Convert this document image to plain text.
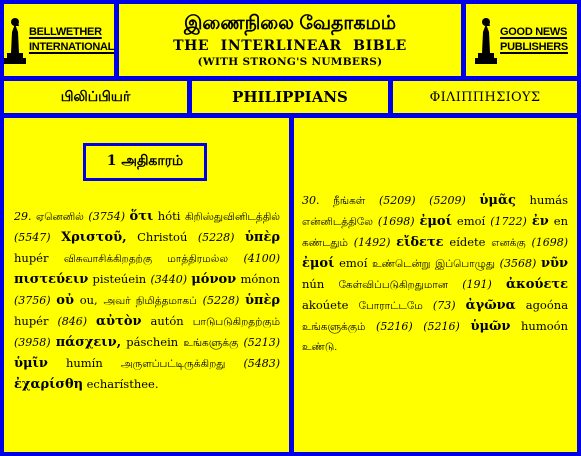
BELLWETHER
INTERNATIONAL
இணைநிலை வேதாகமம்
THE INTERLINEAR BIBLE
(WITH STRONG'S NUMBERS)
GOOD NEWS
PUBLISHERS
பிலிப்பியர்	PHILIPPIANS	ΦΙΛΙΠΠΗΣΙΟΥΣ
1 அதிகாரம்
29. ஏனெனில் (3754) ὅτι hóti கிறிஸ்துவினிடத்தில் (5547) Χριστοῦ, Christoú (5228) ὑπὲρ hupér விசுவாசிக்கிறதற்கு மாத்திரமல்ல (4100) πιστεύειν pisteúein (3440) μόνον mónon (3756) οὐ ou, அவர் நிமித்தமாகப் (5228) ὑπὲρ hupér (846) αὐτὸν autón பாடுபடுகிறதற்கும் (3958) πάσχειν, páschein உங்களுக்கு (5213) ὑμῖν humín அருளப்பட்டிருக்கிறது (5483) ἐχαρίσθη echarísthee.
30. நீங்கள் (5209) (5209) ὑμᾶς humás என்னிடத்திலே (1698) ἐμοί emoí (1722) ἐν en கண்டதும் (1492) εἴδετε eídete எனக்கு (1698) ἐμοί emoí உண்டென்று இப்பொழுது (3568) νῦν nún கேள்விப்படுகிறதுமான (191) ἀκούετε akoúete போராட்டமே (73) ἀγῶνα agoóna உங்களுக்கும் (5216) (5216) ὑμῶν humoón உண்டு.
